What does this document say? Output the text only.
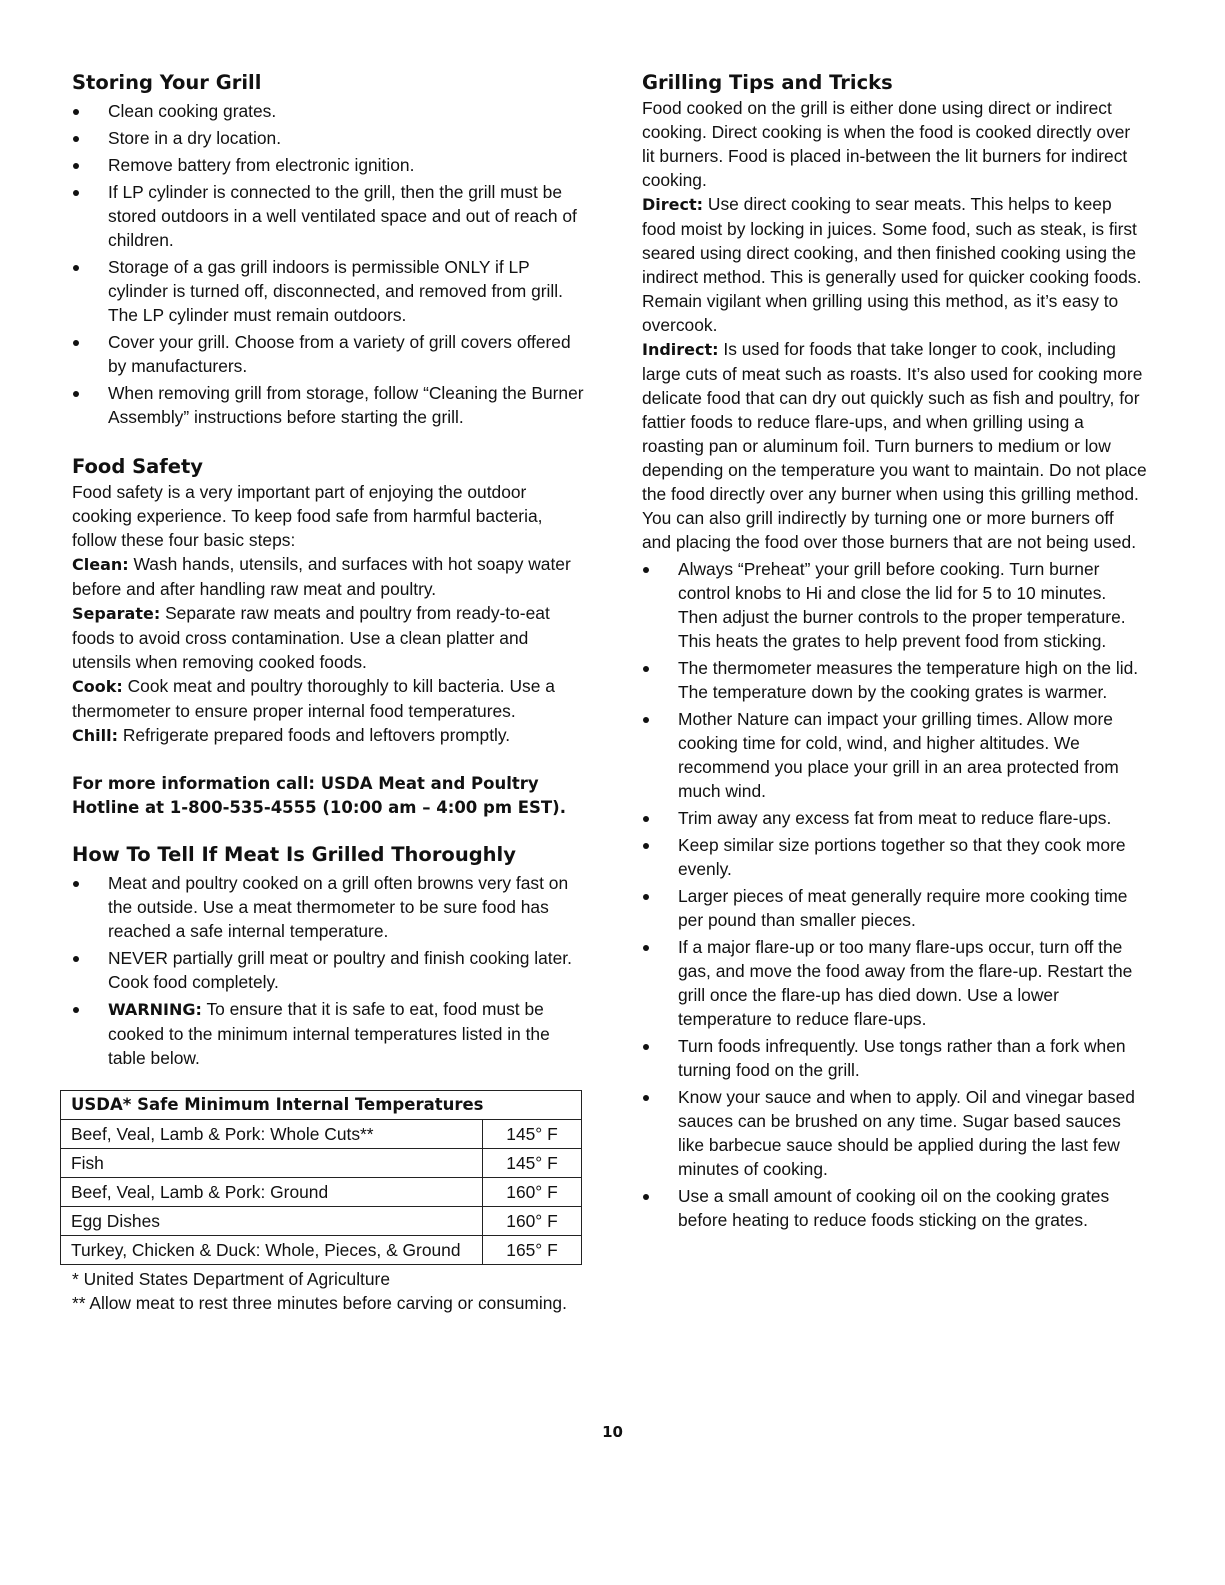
Storing Your Grill
Clean cooking grates.
Store in a dry location.
Remove battery from electronic ignition.
If LP cylinder is connected to the grill, then the grill must be stored outdoors in a well ventilated space and out of reach of children.
Storage of a gas grill indoors is permissible ONLY if LP cylinder is turned off, disconnected, and removed from grill. The LP cylinder must remain outdoors.
Cover your grill. Choose from a variety of grill covers offered by manufacturers.
When removing grill from storage, follow “Cleaning the Burner Assembly” instructions before starting the grill.
Food Safety

Food safety is a very important part of enjoying the outdoor cooking experience. To keep food safe from harmful bacteria, follow these four basic steps:

Clean: Wash hands, utensils, and surfaces with hot soapy water before and after handling raw meat and poultry.

Separate: Separate raw meats and poultry from ready-to-eat foods to avoid cross contamination. Use a clean platter and utensils when removing cooked foods.

Cook: Cook meat and poultry thoroughly to kill bacteria. Use a thermometer to ensure proper internal food temperatures.

Chill: Refrigerate prepared foods and leftovers promptly.

For more information call: USDA Meat and Poultry Hotline at 1-800-535-4555 (10:00 am – 4:00 pm EST).

How To Tell If Meat Is Grilled Thoroughly
Meat and poultry cooked on a grill often browns very fast on the outside. Use a meat thermometer to be sure food has reached a safe internal temperature.
NEVER partially grill meat or poultry and finish cooking later. Cook food completely.
WARNING: To ensure that it is safe to eat, food must be cooked to the minimum internal temperatures listed in the table below.
USDA* Safe Minimum Internal Temperatures	
Beef, Veal, Lamb & Pork: Whole Cuts**	145° F
Fish	145° F
Beef, Veal, Lamb & Pork: Ground	160° F
Egg Dishes	160° F
Turkey, Chicken & Duck: Whole, Pieces, & Ground	165° F
* United States Department of Agriculture
** Allow meat to rest three minutes before carving or consuming.
Grilling Tips and Tricks

Food cooked on the grill is either done using direct or indirect cooking. Direct cooking is when the food is cooked directly over lit burners. Food is placed in-between the lit burners for indirect cooking.

Direct: Use direct cooking to sear meats. This helps to keep food moist by locking in juices. Some food, such as steak, is first seared using direct cooking, and then finished cooking using the indirect method. This is generally used for quicker cooking foods. Remain vigilant when grilling using this method, as it’s easy to overcook.

Indirect: Is used for foods that take longer to cook, including large cuts of meat such as roasts. It’s also used for cooking more delicate food that can dry out quickly such as fish and poultry, for fattier foods to reduce flare-ups, and when grilling using a roasting pan or aluminum foil. Turn burners to medium or low depending on the temperature you want to maintain. Do not place the food directly over any burner when using this grilling method. You can also grill indirectly by turning one or more burners off and placing the food over those burners that are not being used.

Always “Preheat” your grill before cooking. Turn burner control knobs to Hi and close the lid for 5 to 10 minutes. Then adjust the burner controls to the proper temperature. This heats the grates to help prevent food from sticking.
The thermometer measures the temperature high on the lid. The temperature down by the cooking grates is warmer.
Mother Nature can impact your grilling times. Allow more cooking time for cold, wind, and higher altitudes. We recommend you place your grill in an area protected from much wind.
Trim away any excess fat from meat to reduce flare-ups.
Keep similar size portions together so that they cook more evenly.
Larger pieces of meat generally require more cooking time per pound than smaller pieces.
If a major flare-up or too many flare-ups occur, turn off the gas, and move the food away from the flare-up. Restart the grill once the flare-up has died down. Use a lower temperature to reduce flare-ups.
Turn foods infrequently. Use tongs rather than a fork when turning food on the grill.
Know your sauce and when to apply. Oil and vinegar based sauces can be brushed on any time. Sugar based sauces like barbecue sauce should be applied during the last few minutes of cooking.
Use a small amount of cooking oil on the cooking grates before heating to reduce foods sticking on the grates.
10
